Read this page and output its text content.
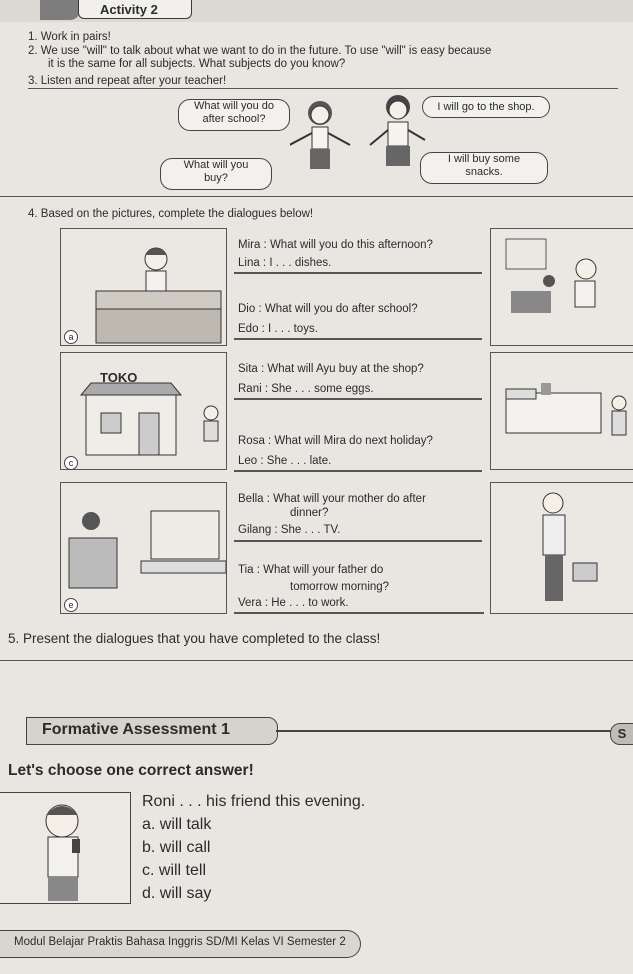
Activity 2
1. Work in pairs!
2. We use "will" to talk about what we want to do in the future. To use "will" is easy because
it is the same for all subjects. What subjects do you know?
3. Listen and repeat after your teacher!
What will you do
after school?
I will go to the shop.
What will you
buy?
I will buy some
snacks.
4. Based on the pictures, complete the dialogues below!
a
Mira : What will you do this afternoon?
Lina : I . . . dishes.
Dio : What will you do after school?
Edo : I . . . toys.
TOKO
c
Sita : What will Ayu buy at the shop?
Rani : She . . . some eggs.
Rosa : What will Mira do next holiday?
Leo : She . . . late.
e
Bella : What will your mother do after
dinner?
Gilang : She . . . TV.
Tia : What will your father do
tomorrow morning?
Vera : He . . . to work.
5. Present the dialogues that you have completed to the class!
Formative Assessment 1	S
Let's choose one correct answer!
Roni . . . his friend this evening.
a. will talk
b. will call
c. will tell
d. will say
Modul Belajar Praktis Bahasa Inggris SD/MI Kelas VI Semester 2
